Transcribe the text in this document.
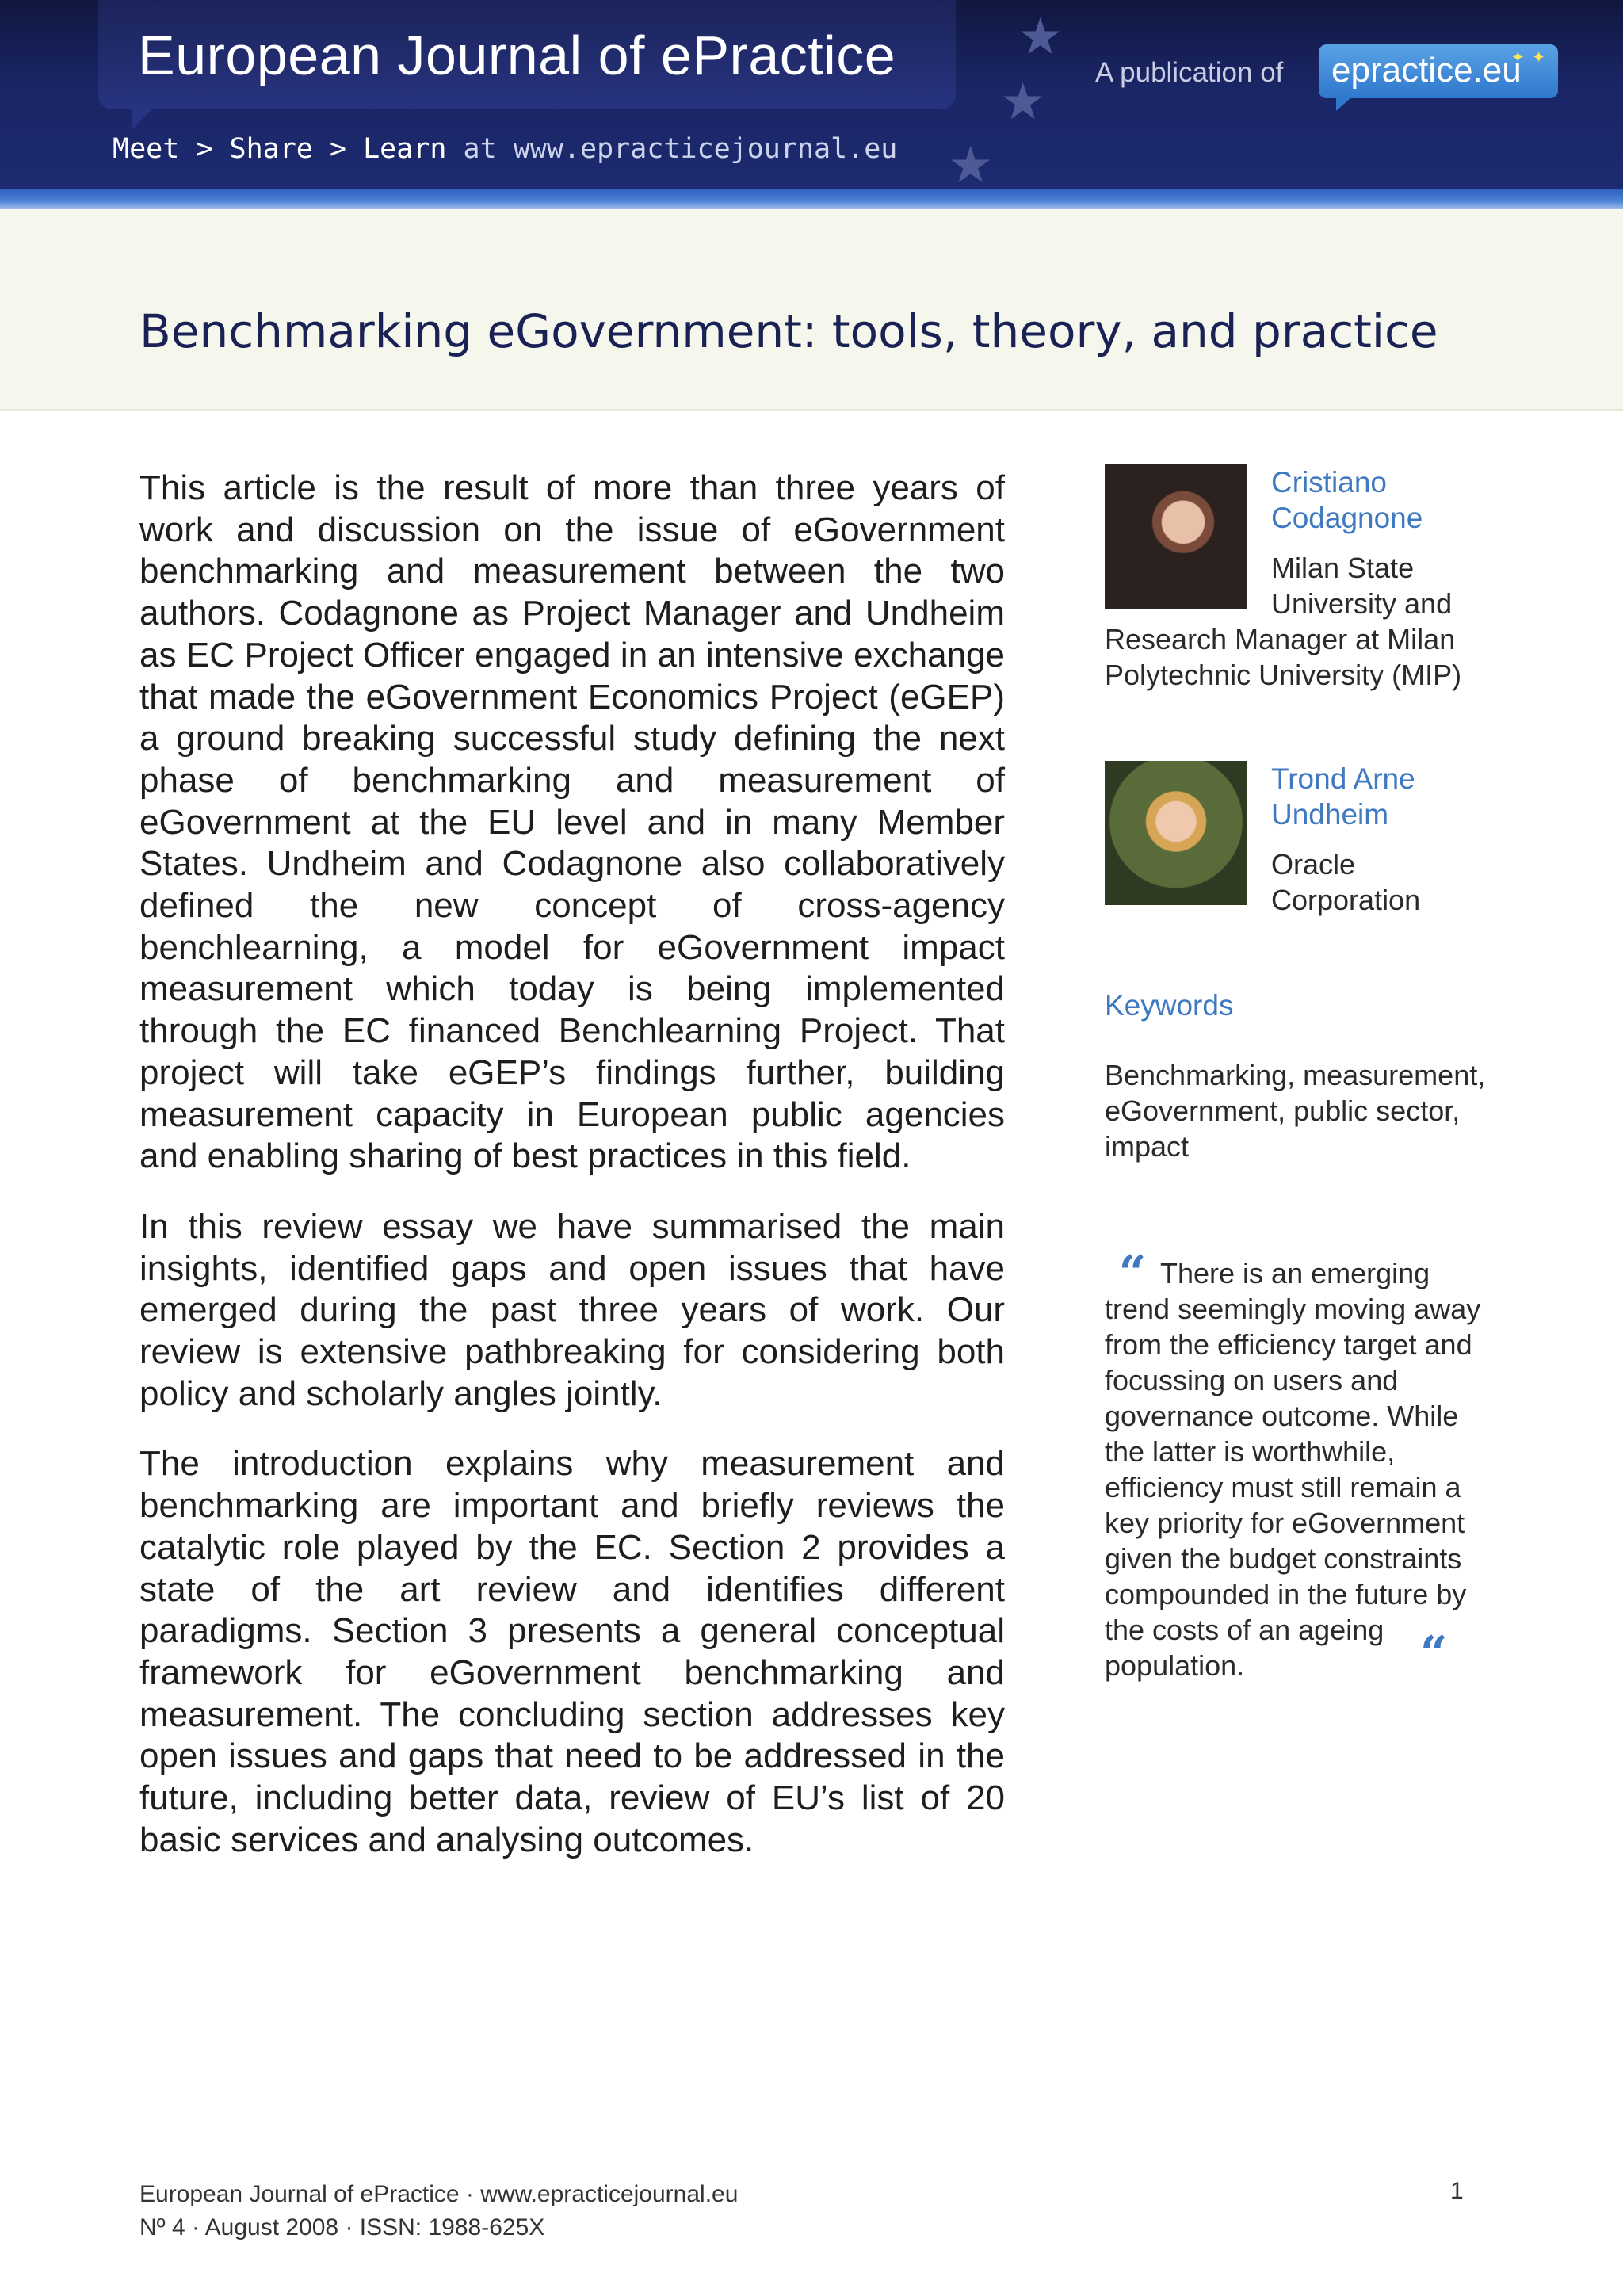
European Journal of ePractice
Meet > Share > Learn at www.epracticejournal.eu
★
★
★
A publication of epractice.eu
✦ ✦
Benchmarking eGovernment: tools, theory, and practice

This article is the result of more than three years of work and discussion on the issue of eGovernment benchmarking and measurement between the two authors. Codagnone as Project Manager and Undheim as EC Project Officer engaged in an intensive exchange that made the eGovernment Economics Project (eGEP) a ground breaking successful study defining the next phase of benchmarking and measurement of eGovernment at the EU level and in many Member States. Undheim and Codagnone also collaboratively defined the new concept of cross-agency benchlearning, a model for eGovernment impact measurement which today is being implemented through the EC financed Benchlearning Project. That project will take eGEP’s findings further, building measurement capacity in European public agencies and enabling sharing of best practices in this field.

In this review essay we have summarised the main insights, identified gaps and open issues that have emerged during the past three years of work. Our review is extensive pathbreaking for considering both policy and scholarly angles jointly.

The introduction explains why measurement and benchmarking are important and briefly reviews the catalytic role played by the EC. Section 2 provides a state of the art review and identifies different paradigms. Section 3 presents a general conceptual framework for eGovernment benchmarking and measurement. The concluding section addresses key open issues and gaps that need to be addressed in the future, including better data, review of EU’s list of 20 basic services and analysing outcomes.

Cristiano Codagnone
Milan State University and Research Manager at Milan Polytechnic University (MIP)
Trond Arne Undheim
Oracle Corporation
Keywords
Benchmarking, measurement, eGovernment, public sector, impact
“ There is an emerging trend seemingly moving away from the efficiency target and focussing on users and governance outcome. While the latter is worthwhile, efficiency must still remain a key priority for eGovernment given the budget constraints compounded in the future by the costs of an ageing population.	“
European Journal of ePractice · www.epracticejournal.eu
Nº 4 · August 2008 · ISSN: 1988-625X
1
